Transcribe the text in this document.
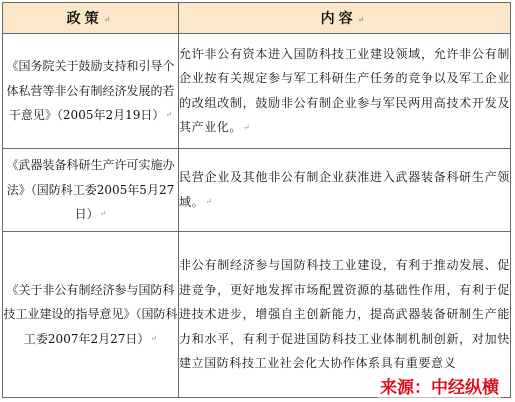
政策↵	内容↵
《国务院关于鼓励支持和引导个体私营等非公有制经济发展的若干意见》（2005年2月19日）↵	允许非公有资本进入国防科技工业建设领域，允许非公有制企业按有关规定参与军工科研生产任务的竞争以及军工企业的改组改制，鼓励非公有制企业参与军民两用高技术开发及其产业化。↵
《武器装备科研生产许可实施办法》（国防科工委2005年5月27日）↵	民营企业及其他非公有制企业获准进入武器装备科研生产领域。↵
《关于非公有制经济参与国防科技工业建设的指导意见》（国防科工委2007年2月27日）↵	非公有制经济参与国防科技工业建设，有利于推动发展、促进竞争，更好地发挥市场配置资源的基础性作用，有利于促进技术进步，增强自主创新能力，提高武器装备研制生产能力和水平，有利于促进国防科技工业体制机制创新，对加快建立国防科技工业社会化大协作体系具有重要意义
来源：中经纵横
